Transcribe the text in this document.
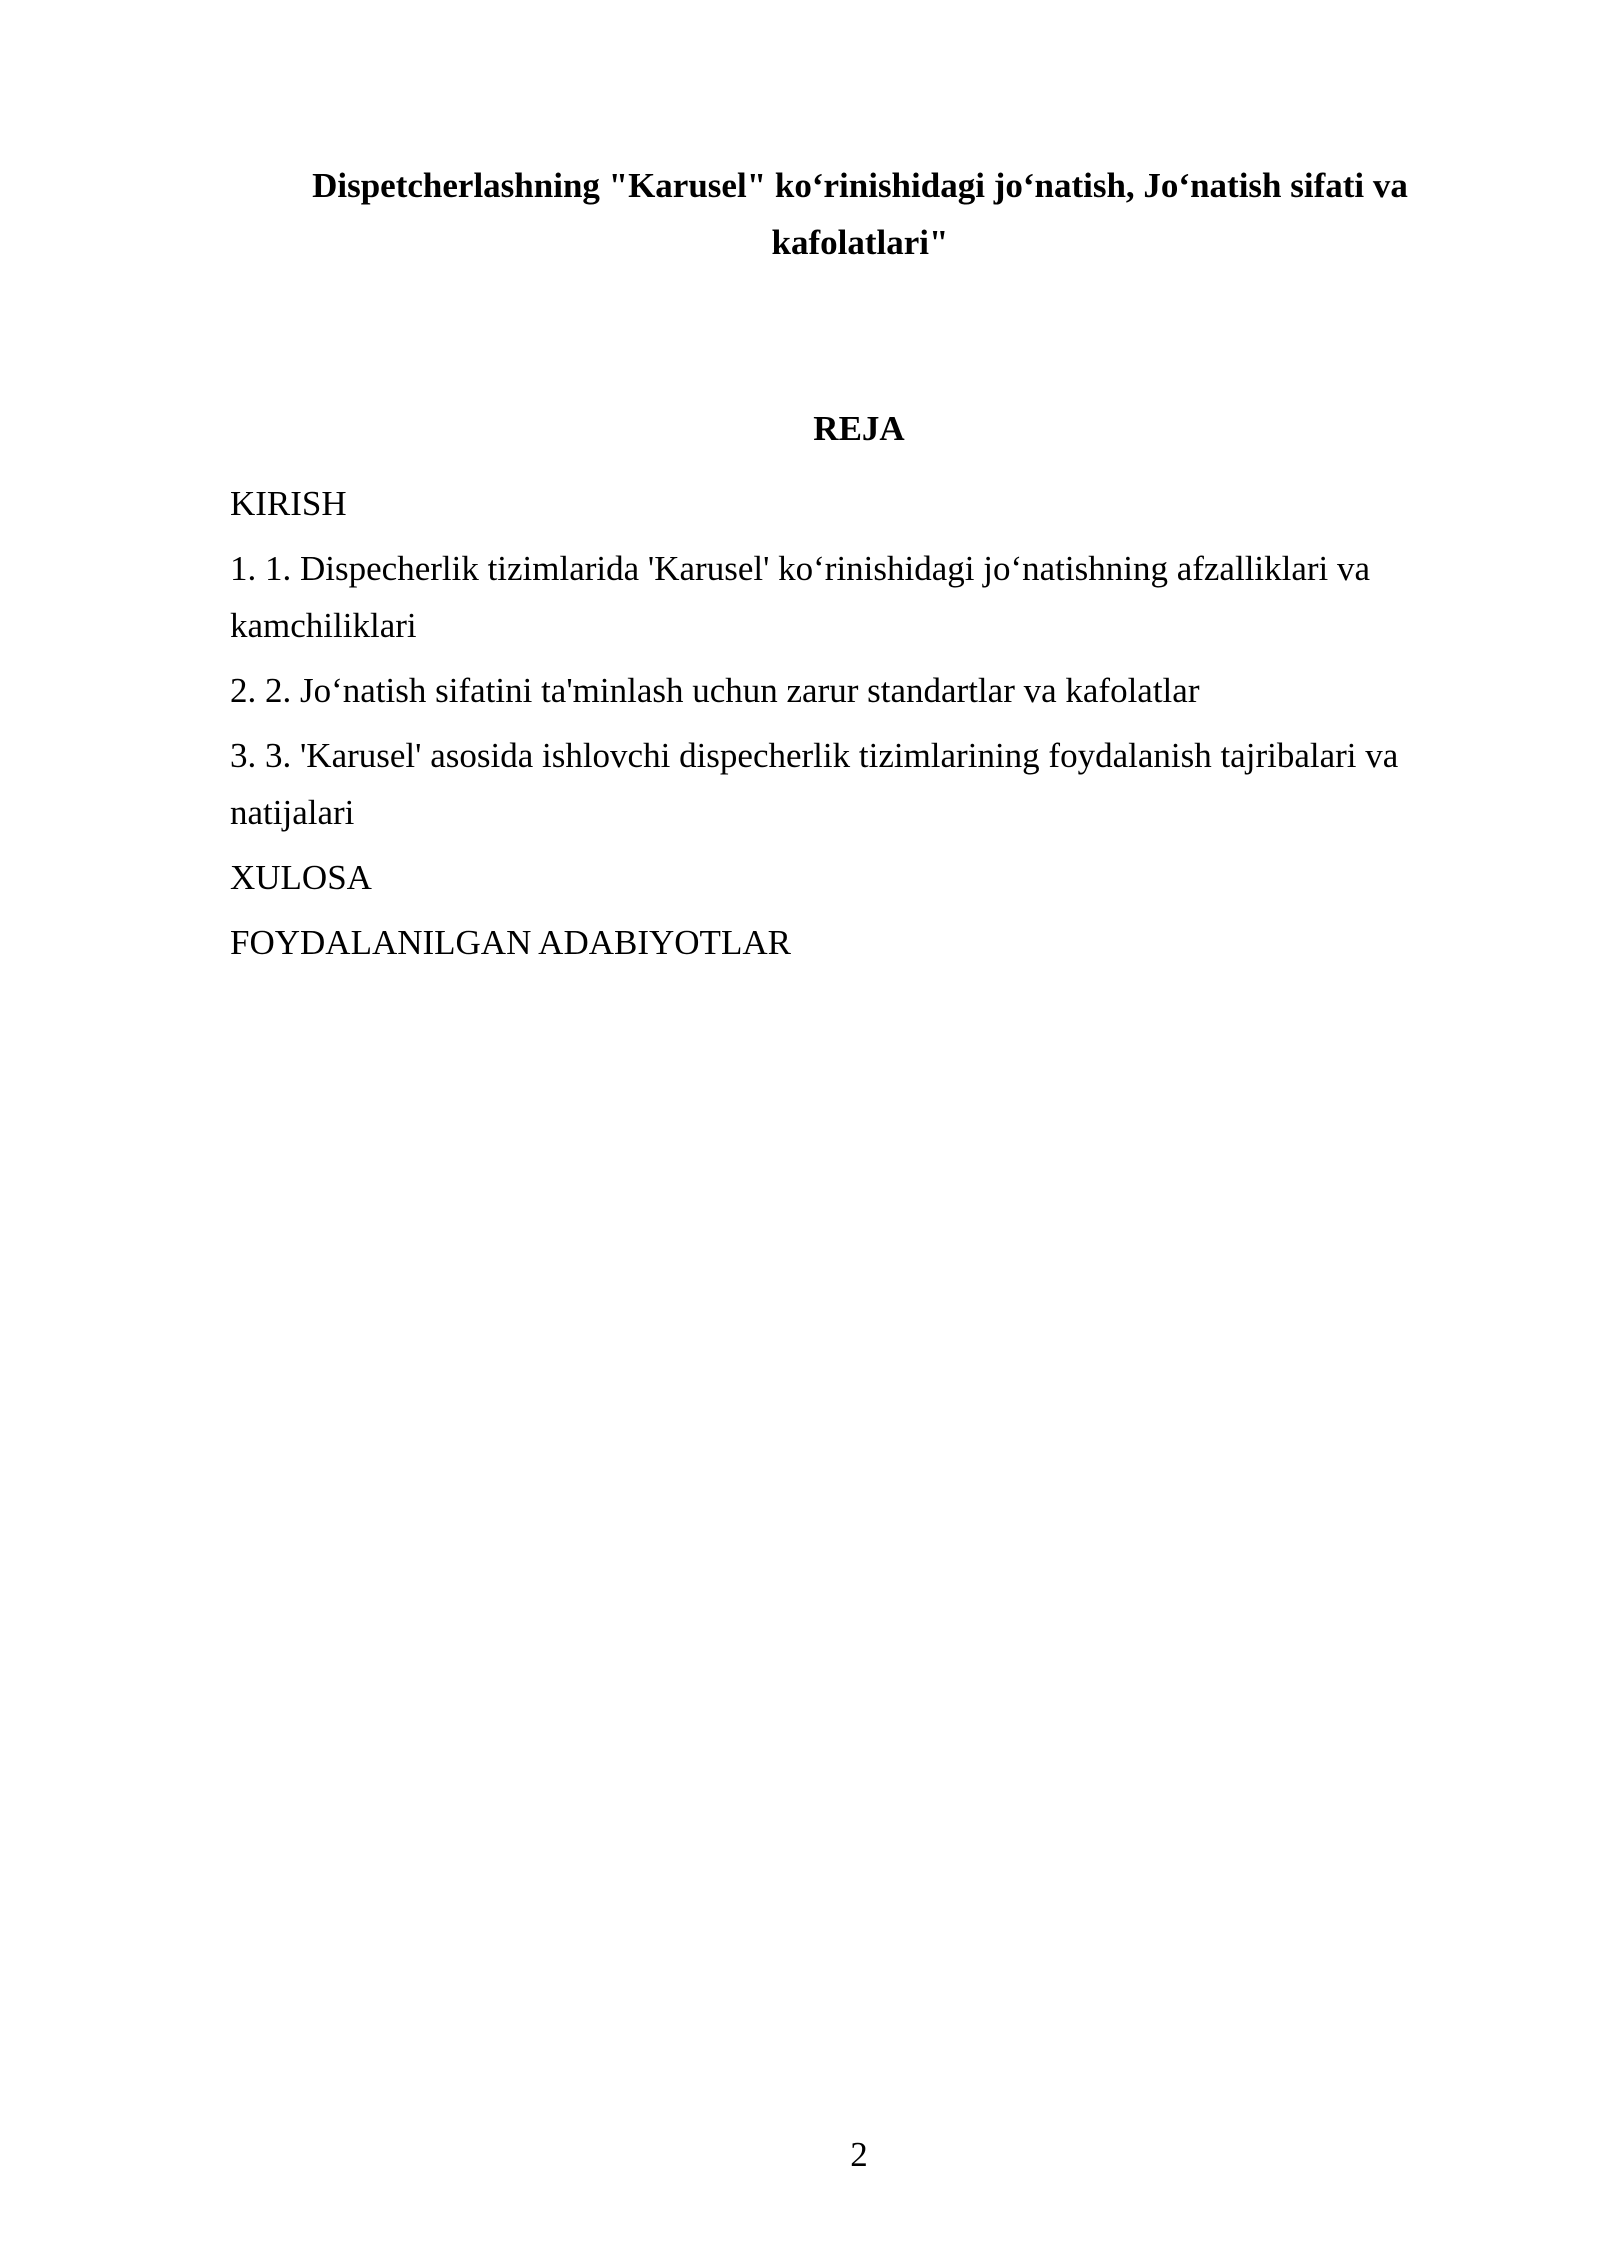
Dispetcherlashning "Karusel" ko‘rinishidagi jo‘natish, Jo‘natish sifati va kafolatlari"
REJA
KIRISH
1. 1. Dispecherlik tizimlarida 'Karusel' ko‘rinishidagi jo‘natishning afzalliklari va kamchiliklari
2. 2. Jo‘natish sifatini ta'minlash uchun zarur standartlar va kafolatlar
3. 3. 'Karusel' asosida ishlovchi dispecherlik tizimlarining foydalanish tajribalari va natijalari
XULOSA
FOYDALANILGAN ADABIYOTLAR
2
